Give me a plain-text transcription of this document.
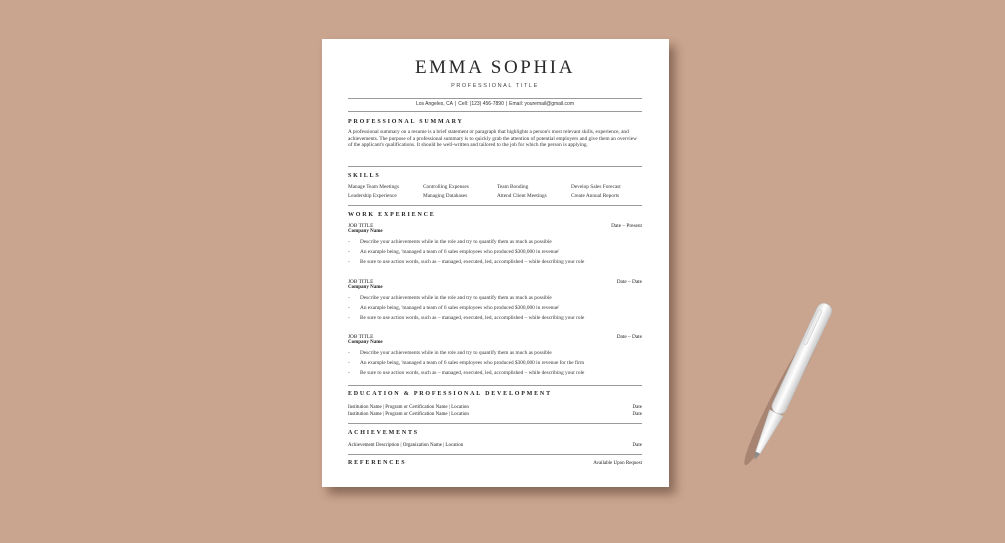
EMMA SOPHIA
PROFESSIONAL TITLE
Los Angeles, CA | Cell: (123) 456-7890 | Email: youremail@gmail.com
PROFESSIONAL SUMMARY
A professional summary on a resume is a brief statement or paragraph that highlights a person's most relevant skills, experience, and achievements. The purpose of a professional summary is to quickly grab the attention of potential employers and give them an overview of the applicant's qualifications. It should be well-written and tailored to the job for which the person is applying.
SKILLS
Manage Team Meetings	Controlling Expenses	Team Bonding	Develop Sales Forecast
Leadership Experience	Managing Databases	Attend Client Meetings	Create Annual Reports
WORK EXPERIENCE
JOB TITLE	Date – Present
Company Name
- Describe your achievements while in the role and try to quantify them as much as possible
- An example being, 'managed a team of 6 sales employees who produced $300,000 in revenue'
- Be sure to use action words, such as – managed, executed, led, accomplished – while describing your role
JOB TITLE	Date – Date
Company Name
- Describe your achievements while in the role and try to quantify them as much as possible
- An example being, 'managed a team of 6 sales employees who produced $300,000 in revenue'
- Be sure to use action words, such as – managed, executed, led, accomplished – while describing your role
JOB TITLE	Date – Date
Company Name
- Describe your achievements while in the role and try to quantify them as much as possible
- An example being, 'managed a team of 6 sales employees who produced $300,000 in revenue for the firm
- Be sure to use action words, such as – managed, executed, led, accomplished – while describing your role
EDUCATION & PROFESSIONAL DEVELOPMENT
Institution Name | Program or Certification Name | Location	Date
Institution Name | Program or Certification Name | Location	Date
ACHIEVEMENTS
Achievement Description | Organization Name | Location	Date
REFERENCES	Available Upon Request
